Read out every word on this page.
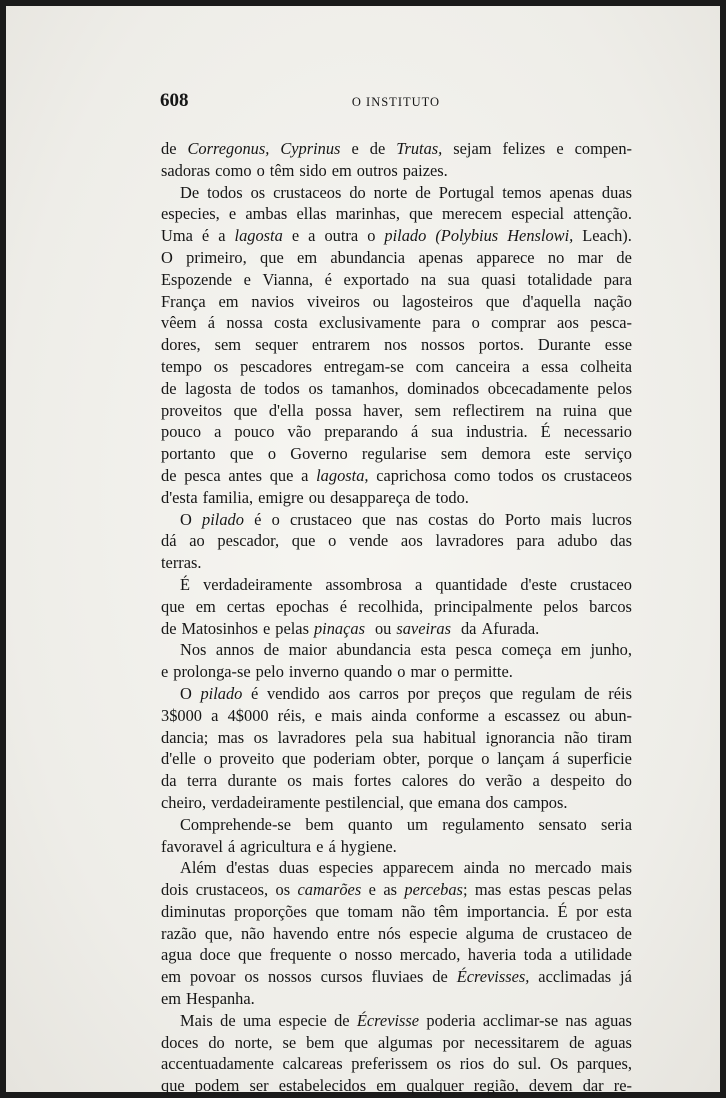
608	O INSTITUTO
de Corregonus, Cyprinus e de Trutas, sejam felizes e compen-
sadoras como o têm sido em outros paizes.
De todos os crustaceos do norte de Portugal temos apenas duas
especies, e ambas ellas marinhas, que merecem especial attenção.
Uma é a lagosta e a outra o pilado (Polybius Henslowi, Leach).
O primeiro, que em abundancia apenas apparece no mar de
Espozende e Vianna, é exportado na sua quasi totalidade para
França em navios viveiros ou lagosteiros que d'aquella nação
vêem á nossa costa exclusivamente para o comprar aos pesca-
dores, sem sequer entrarem nos nossos portos. Durante esse
tempo os pescadores entregam-se com canceira a essa colheita
de lagosta de todos os tamanhos, dominados obcecadamente pelos
proveitos que d'ella possa haver, sem reflectirem na ruina que
pouco a pouco vão preparando á sua industria. É necessario
portanto que o Governo regularise sem demora este serviço
de pesca antes que a lagosta, caprichosa como todos os crustaceos
d'esta familia, emigre ou desappareça de todo.
O pilado é o crustaceo que nas costas do Porto mais lucros
dá ao pescador, que o vende aos lavradores para adubo das
terras.
É verdadeiramente assombrosa a quantidade d'este crustaceo
que em certas epochas é recolhida, principalmente pelos barcos
de Matosinhos e pelas pinaças ou saveiras da Afurada.
Nos annos de maior abundancia esta pesca começa em junho,
e prolonga-se pelo inverno quando o mar o permitte.
O pilado é vendido aos carros por preços que regulam de réis
3$000 a 4$000 réis, e mais ainda conforme a escassez ou abun-
dancia; mas os lavradores pela sua habitual ignorancia não tiram
d'elle o proveito que poderiam obter, porque o lançam á superficie
da terra durante os mais fortes calores do verão a despeito do
cheiro, verdadeiramente pestilencial, que emana dos campos.
Comprehende-se bem quanto um regulamento sensato seria
favoravel á agricultura e á hygiene.
Além d'estas duas especies apparecem ainda no mercado mais
dois crustaceos, os camarões e as percebas; mas estas pescas pelas
diminutas proporções que tomam não têm importancia. É por esta
razão que, não havendo entre nós especie alguma de crustaceo de
agua doce que frequente o nosso mercado, haveria toda a utilidade
em povoar os nossos cursos fluviaes de Écrevisses, acclimadas já
em Hespanha.
Mais de uma especie de Écrevisse poderia acclimar-se nas aguas
doces do norte, se bem que algumas por necessitarem de aguas
accentuadamente calcareas preferissem os rios do sul. Os parques,
que podem ser estabelecidos em qualquer região, devem dar re-
